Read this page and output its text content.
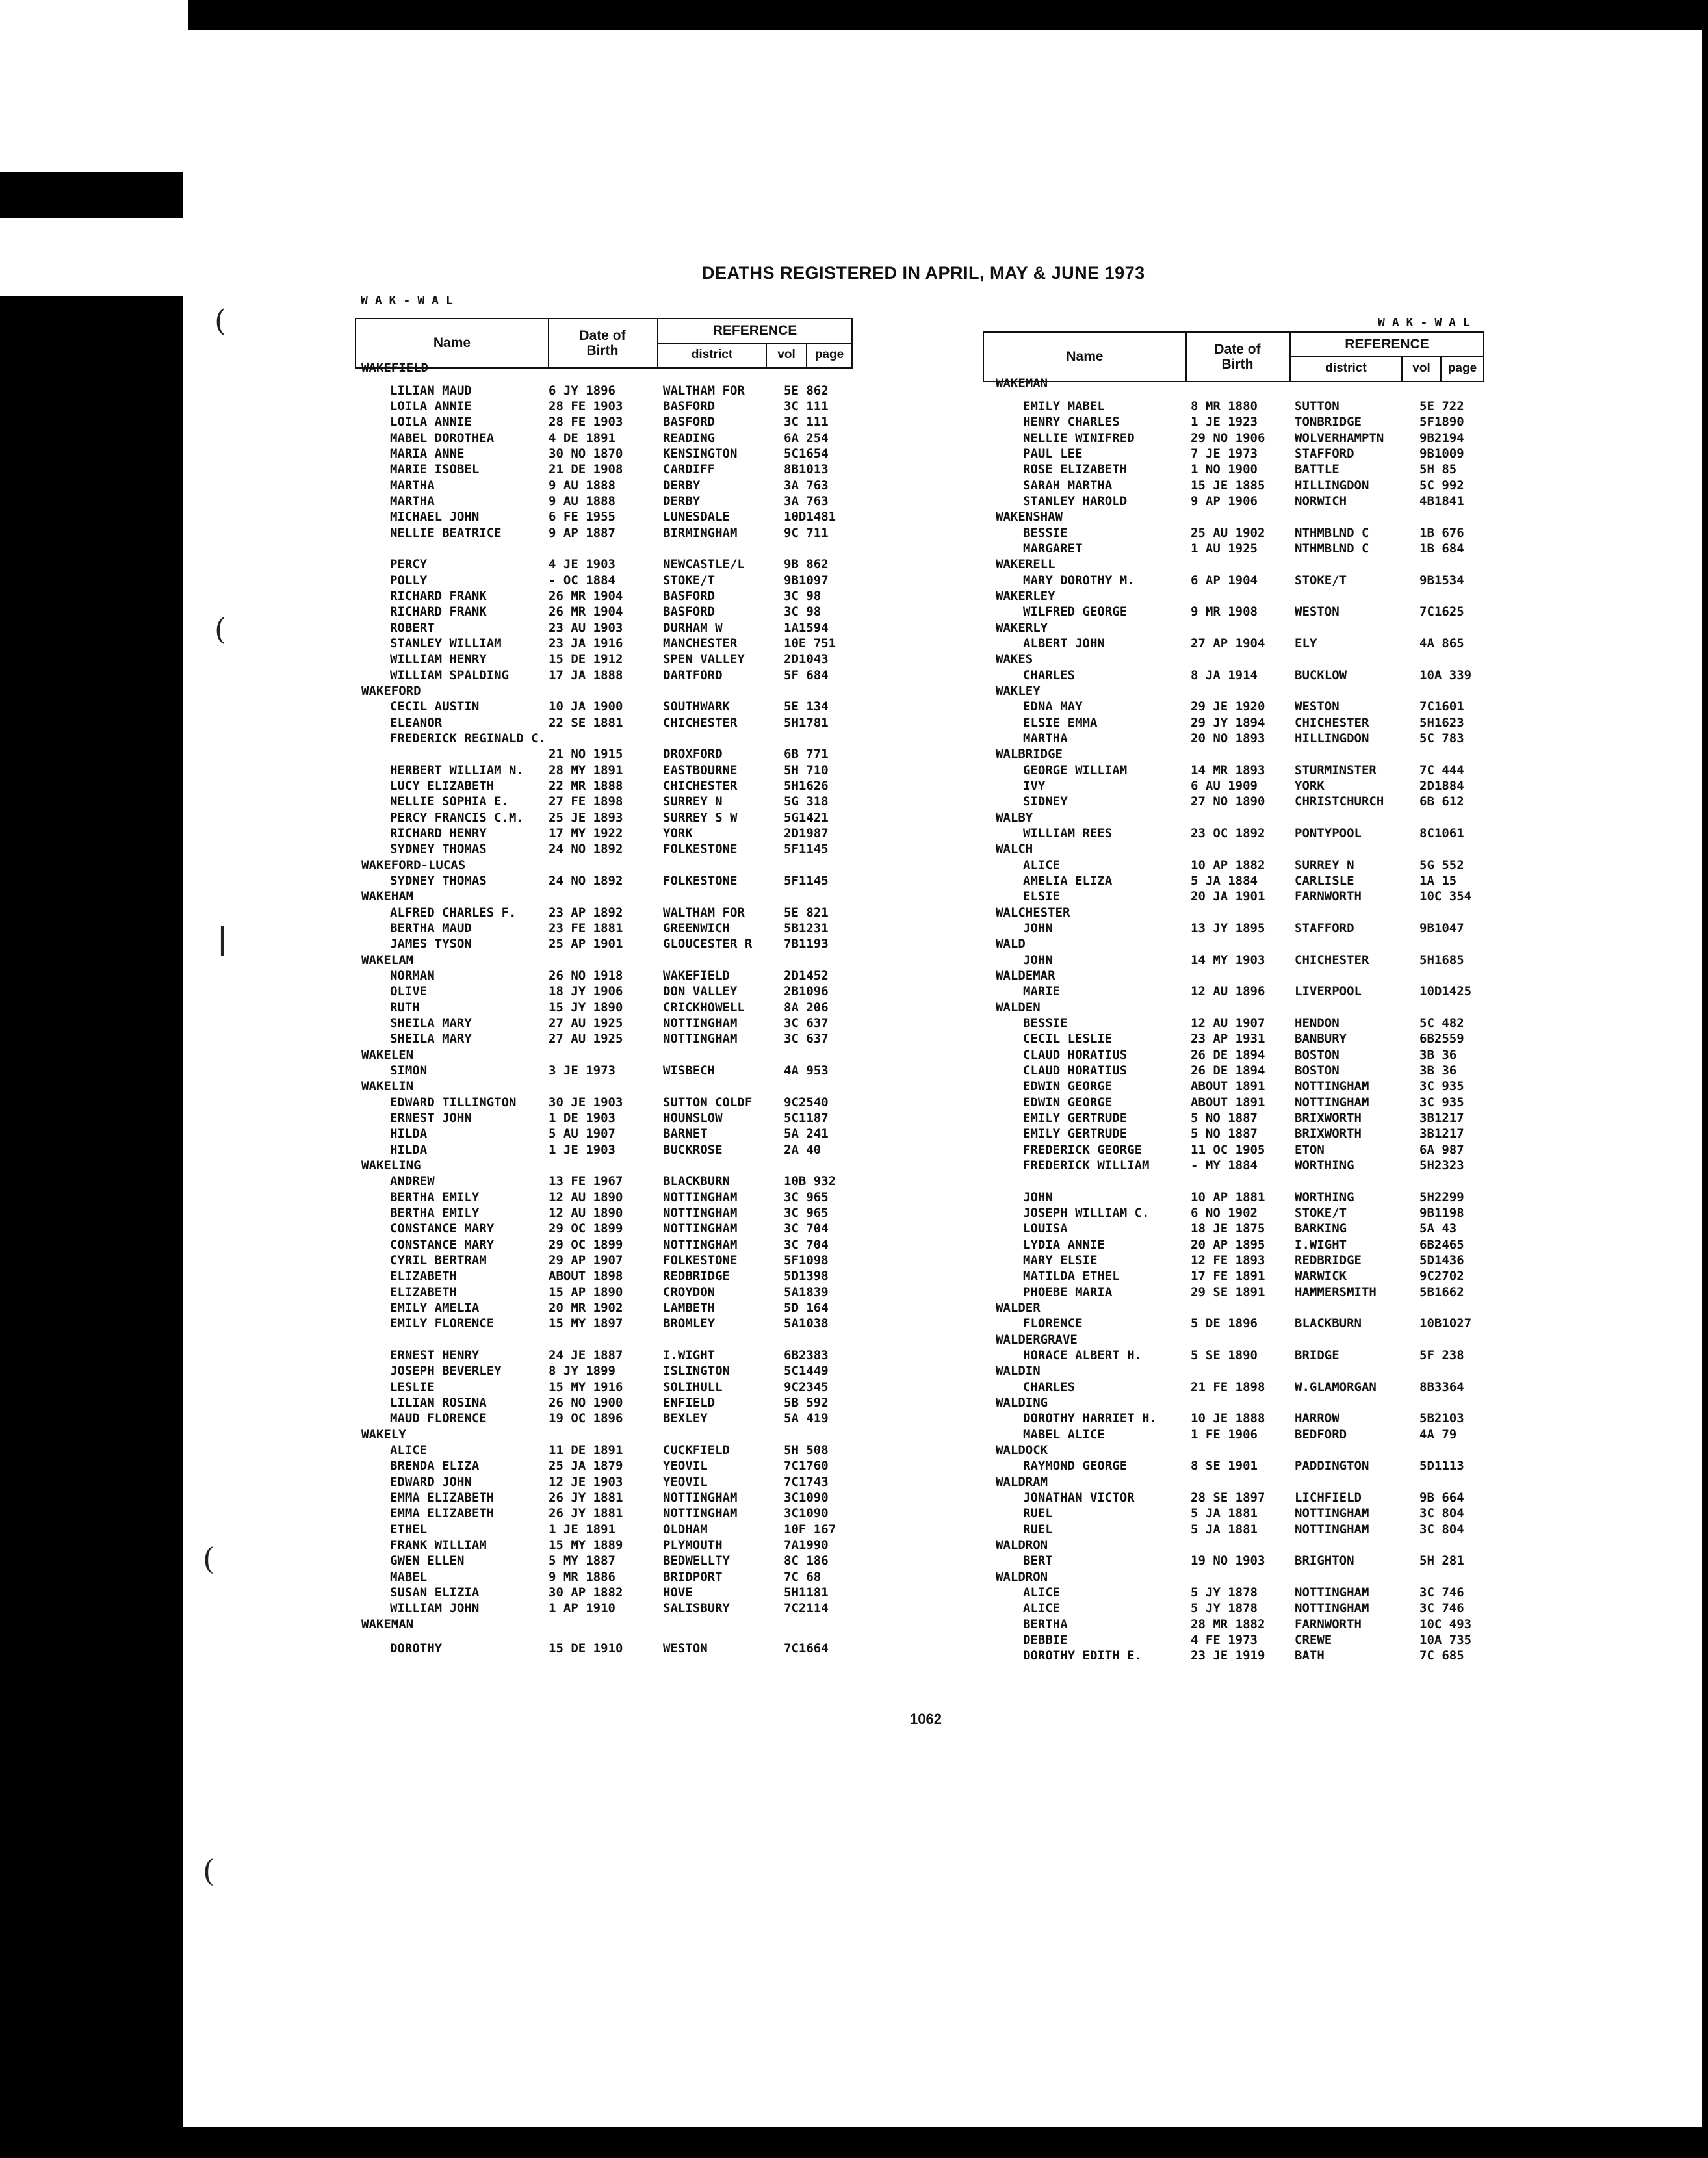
(
(
|
(
(
DEATHS REGISTERED IN APRIL, MAY & JUNE 1973
WAK-WAL
WAK-WAL
Name
Date of
Birth
REFERENCE
district	vol	page	Name
Date of
Birth
REFERENCE
district	vol	page
WAKEFIELD
LILIAN MAUD	6 JY 1896	WALTHAM FOR	5E 862
LOILA ANNIE	28 FE 1903	BASFORD	3C 111
LOILA ANNIE	28 FE 1903	BASFORD	3C 111
MABEL DOROTHEA	4 DE 1891	READING	6A 254
MARIA ANNE	30 NO 1870	KENSINGTON	5C1654
MARIE ISOBEL	21 DE 1908	CARDIFF	8B1013
MARTHA	9 AU 1888	DERBY	3A 763
MARTHA	9 AU 1888	DERBY	3A 763
MICHAEL JOHN	6 FE 1955	LUNESDALE	10D1481
NELLIE BEATRICE	9 AP 1887	BIRMINGHAM	9C 711
PERCY	4 JE 1903	NEWCASTLE/L	9B 862
POLLY	- OC 1884	STOKE/T	9B1097
RICHARD FRANK	26 MR 1904	BASFORD	3C 98
RICHARD FRANK	26 MR 1904	BASFORD	3C 98
ROBERT	23 AU 1903	DURHAM W	1A1594
STANLEY WILLIAM	23 JA 1916	MANCHESTER	10E 751
WILLIAM HENRY	15 DE 1912	SPEN VALLEY	2D1043
WILLIAM SPALDING	17 JA 1888	DARTFORD	5F 684
WAKEFORD
CECIL AUSTIN	10 JA 1900	SOUTHWARK	5E 134
ELEANOR	22 SE 1881	CHICHESTER	5H1781
FREDERICK REGINALD C.
21 NO 1915	DROXFORD	6B 771
HERBERT WILLIAM N. 28 MY 1891	EASTBOURNE	5H 710
LUCY ELIZABETH	22 MR 1888	CHICHESTER	5H1626
NELLIE SOPHIA E.	27 FE 1898	SURREY N	5G 318
PERCY FRANCIS C.M. 25 JE 1893	SURREY S W	5G1421
RICHARD HENRY	17 MY 1922	YORK	2D1987
SYDNEY THOMAS	24 NO 1892	FOLKESTONE	5F1145
WAKEFORD-LUCAS
SYDNEY THOMAS	24 NO 1892	FOLKESTONE	5F1145
WAKEHAM
ALFRED CHARLES F.	23 AP 1892	WALTHAM FOR	5E 821
BERTHA MAUD	23 FE 1881	GREENWICH	5B1231
JAMES TYSON	25 AP 1901	GLOUCESTER R	7B1193
WAKELAM
NORMAN	26 NO 1918	WAKEFIELD	2D1452
OLIVE	18 JY 1906	DON VALLEY	2B1096
RUTH	15 JY 1890	CRICKHOWELL	8A 206
SHEILA MARY	27 AU 1925	NOTTINGHAM	3C 637
SHEILA MARY	27 AU 1925	NOTTINGHAM	3C 637
WAKELEN
SIMON	3 JE 1973	WISBECH	4A 953
WAKELIN
EDWARD TILLINGTON	30 JE 1903	SUTTON COLDF	9C2540
ERNEST JOHN	1 DE 1903	HOUNSLOW	5C1187
HILDA	5 AU 1907	BARNET	5A 241
HILDA	1 JE 1903	BUCKROSE	2A 40
WAKELING
ANDREW	13 FE 1967	BLACKBURN	10B 932
BERTHA EMILY	12 AU 1890	NOTTINGHAM	3C 965
BERTHA EMILY	12 AU 1890	NOTTINGHAM	3C 965
CONSTANCE MARY	29 OC 1899	NOTTINGHAM	3C 704
CONSTANCE MARY	29 OC 1899	NOTTINGHAM	3C 704
CYRIL BERTRAM	29 AP 1907	FOLKESTONE	5F1098
ELIZABETH	ABOUT 1898	REDBRIDGE	5D1398
ELIZABETH	15 AP 1890	CROYDON	5A1839
EMILY AMELIA	20 MR 1902	LAMBETH	5D 164
EMILY FLORENCE	15 MY 1897	BROMLEY	5A1038
ERNEST HENRY	24 JE 1887	I.WIGHT	6B2383
JOSEPH BEVERLEY	8 JY 1899	ISLINGTON	5C1449
LESLIE	15 MY 1916	SOLIHULL	9C2345
LILIAN ROSINA	26 NO 1900	ENFIELD	5B 592
MAUD FLORENCE	19 OC 1896	BEXLEY	5A 419
WAKELY
ALICE	11 DE 1891	CUCKFIELD	5H 508
BRENDA ELIZA	25 JA 1879	YEOVIL	7C1760
EDWARD JOHN	12 JE 1903	YEOVIL	7C1743
EMMA ELIZABETH	26 JY 1881	NOTTINGHAM	3C1090
EMMA ELIZABETH	26 JY 1881	NOTTINGHAM	3C1090
ETHEL	1 JE 1891	OLDHAM	10F 167
FRANK WILLIAM	15 MY 1889	PLYMOUTH	7A1990
GWEN ELLEN	5 MY 1887	BEDWELLTY	8C 186
MABEL	9 MR 1886	BRIDPORT	7C 68
SUSAN ELIZIA	30 AP 1882	HOVE	5H1181
WILLIAM JOHN	1 AP 1910	SALISBURY	7C2114
WAKEMAN
DOROTHY	15 DE 1910	WESTON	7C1664
WAKEMAN
EMILY MABEL	8 MR 1880	SUTTON	5E 722
HENRY CHARLES	1 JE 1923	TONBRIDGE	5F1890
NELLIE WINIFRED	29 NO 1906 WOLVERHAMPTN	9B2194
PAUL LEE	7 JE 1973	STAFFORD	9B1009
ROSE ELIZABETH	1 NO 1900	BATTLE	5H 85
SARAH MARTHA	15 JE 1885 HILLINGDON	5C 992
STANLEY HAROLD	9 AP 1906	NORWICH	4B1841
WAKENSHAW
BESSIE	25 AU 1902 NTHMBLND C	1B 676
MARGARET	1 AU 1925	NTHMBLND C	1B 684
WAKERELL
MARY DOROTHY M.	6 AP 1904	STOKE/T	9B1534
WAKERLEY
WILFRED GEORGE	9 MR 1908	WESTON	7C1625
WAKERLY
ALBERT JOHN	27 AP 1904 ELY	4A 865
WAKES
CHARLES	8 JA 1914	BUCKLOW	10A 339
WAKLEY
EDNA MAY	29 JE 1920 WESTON	7C1601
ELSIE EMMA	29 JY 1894 CHICHESTER	5H1623
MARTHA	20 NO 1893 HILLINGDON	5C 783
WALBRIDGE
GEORGE WILLIAM	14 MR 1893 STURMINSTER	7C 444
IVY	6 AU 1909	YORK	2D1884
SIDNEY	27 NO 1890 CHRISTCHURCH	6B 612
WALBY
WILLIAM REES	23 OC 1892 PONTYPOOL	8C1061
WALCH
ALICE	10 AP 1882 SURREY N	5G 552
AMELIA ELIZA	5 JA 1884	CARLISLE	1A 15
ELSIE	20 JA 1901 FARNWORTH	10C 354
WALCHESTER
JOHN	13 JY 1895 STAFFORD	9B1047
WALD
JOHN	14 MY 1903 CHICHESTER	5H1685
WALDEMAR
MARIE	12 AU 1896 LIVERPOOL	10D1425
WALDEN
BESSIE	12 AU 1907 HENDON	5C 482
CECIL LESLIE	23 AP 1931 BANBURY	6B2559
CLAUD HORATIUS	26 DE 1894 BOSTON	3B 36
CLAUD HORATIUS	26 DE 1894 BOSTON	3B 36
EDWIN GEORGE	ABOUT 1891 NOTTINGHAM	3C 935
EDWIN GEORGE	ABOUT 1891 NOTTINGHAM	3C 935
EMILY GERTRUDE	5 NO 1887	BRIXWORTH	3B1217
EMILY GERTRUDE	5 NO 1887	BRIXWORTH	3B1217
FREDERICK GEORGE	11 OC 1905 ETON	6A 987
FREDERICK WILLIAM	- MY 1884	WORTHING	5H2323
JOHN	10 AP 1881 WORTHING	5H2299
JOSEPH WILLIAM C.	6 NO 1902	STOKE/T	9B1198
LOUISA	18 JE 1875 BARKING	5A 43
LYDIA ANNIE	20 AP 1895 I.WIGHT	6B2465
MARY ELSIE	12 FE 1893 REDBRIDGE	5D1436
MATILDA ETHEL	17 FE 1891 WARWICK	9C2702
PHOEBE MARIA	29 SE 1891 HAMMERSMITH	5B1662
WALDER
FLORENCE	5 DE 1896	BLACKBURN	10B1027
WALDERGRAVE
HORACE ALBERT H.	5 SE 1890	BRIDGE	5F 238
WALDIN
CHARLES	21 FE 1898 W.GLAMORGAN	8B3364
WALDING
DOROTHY HARRIET H.	10 JE 1888 HARROW	5B2103
MABEL ALICE	1 FE 1906	BEDFORD	4A 79
WALDOCK
RAYMOND GEORGE	8 SE 1901	PADDINGTON	5D1113
WALDRAM
JONATHAN VICTOR	28 SE 1897 LICHFIELD	9B 664
RUEL	5 JA 1881	NOTTINGHAM	3C 804
RUEL	5 JA 1881	NOTTINGHAM	3C 804
WALDRON
BERT	19 NO 1903 BRIGHTON	5H 281
WALDRON
ALICE	5 JY 1878	NOTTINGHAM	3C 746
ALICE	5 JY 1878	NOTTINGHAM	3C 746
BERTHA	28 MR 1882 FARNWORTH	10C 493
DEBBIE	4 FE 1973	CREWE	10A 735
DOROTHY EDITH E.	23 JE 1919 BATH	7C 685
1062
